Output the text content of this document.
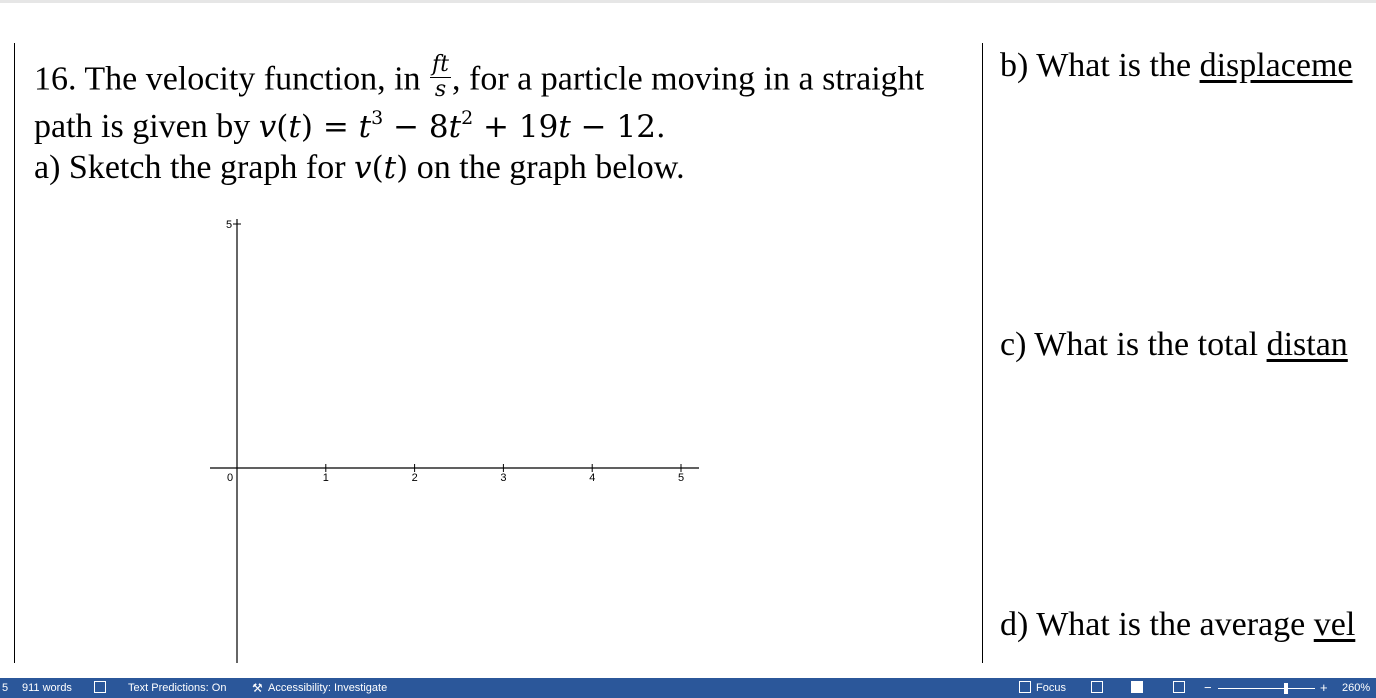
16. The velocity function, in $\frac{ft}{s}$ , for a particle moving in a straight
path is given by $v(t) = t^3 - 8t^2 + 19t - 12$.
a) Sketch the graph for v(t) on the graph below.
0	1	2	3	4	5
5
b) What is the displaceme
c) What is the total distan
d) What is the average vel
5 911 words	Text Predictions: On ⚒ Accessibility: Investigate	Focus	−	+ 260%
